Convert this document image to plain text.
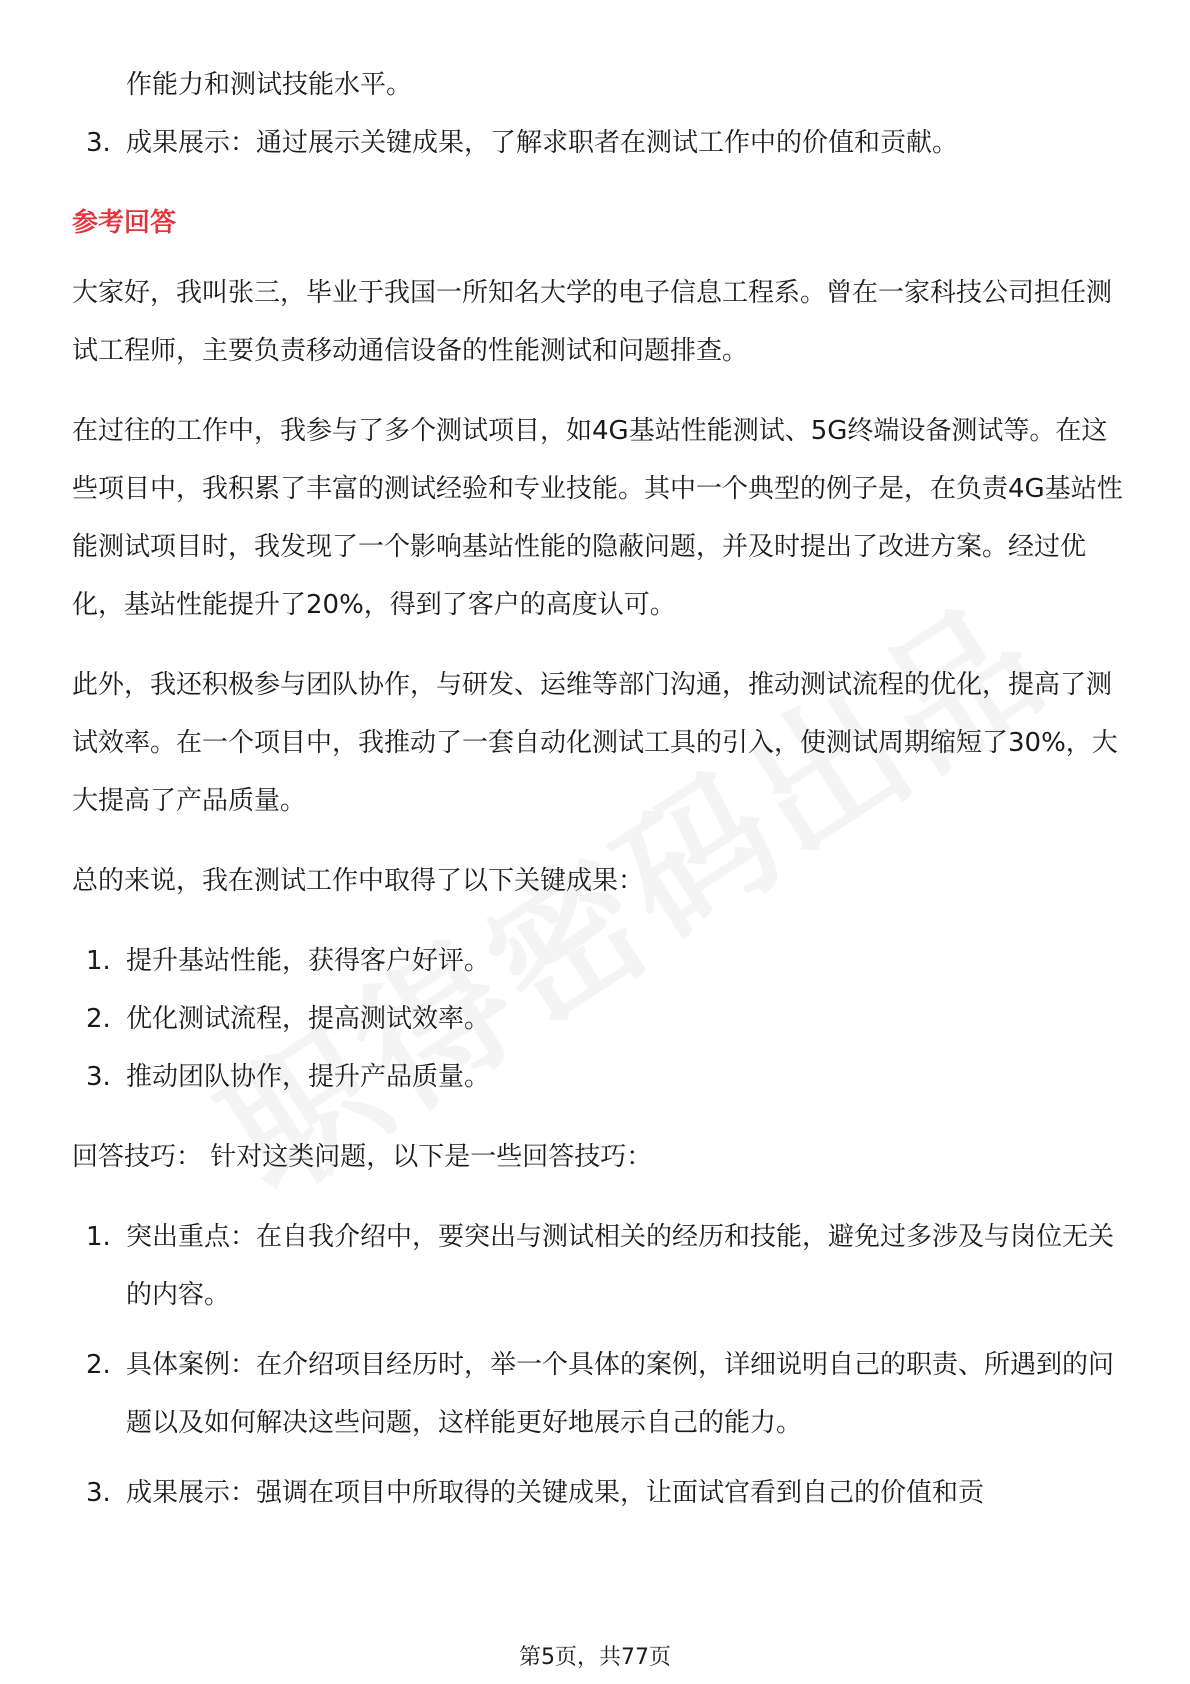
作能力和测试技能水平。

3. 成果展示：通过展示关键成果，了解求职者在测试工作中的价值和贡献。

参考回答

大家好，我叫张三，毕业于我国一所知名大学的电子信息工程系。曾在一家科技公司担任测试工程师，主要负责移动通信设备的性能测试和问题排查。

在过往的工作中，我参与了多个测试项目，如4G基站性能测试、5G终端设备测试等。在这些项目中，我积累了丰富的测试经验和专业技能。其中一个典型的例子是，在负责4G基站性能测试项目时，我发现了一个影响基站性能的隐蔽问题，并及时提出了改进方案。经过优化，基站性能提升了20%，得到了客户的高度认可。

此外，我还积极参与团队协作，与研发、运维等部门沟通，推动测试流程的优化，提高了测试效率。在一个项目中，我推动了一套自动化测试工具的引入，使测试周期缩短了30%，大大提高了产品质量。

总的来说，我在测试工作中取得了以下关键成果：

1. 提升基站性能，获得客户好评。
2. 优化测试流程，提高测试效率。
3. 推动团队协作，提升产品质量。

回答技巧： 针对这类问题，以下是一些回答技巧：

1. 突出重点：在自我介绍中，要突出与测试相关的经历和技能，避免过多涉及与岗位无关的内容。
2. 具体案例：在介绍项目经历时，举一个具体的案例，详细说明自己的职责、所遇到的问题以及如何解决这些问题，这样能更好地展示自己的能力。
3. 成果展示：强调在项目中所取得的关键成果，让面试官看到自己的价值和贡
第5页，共77页
